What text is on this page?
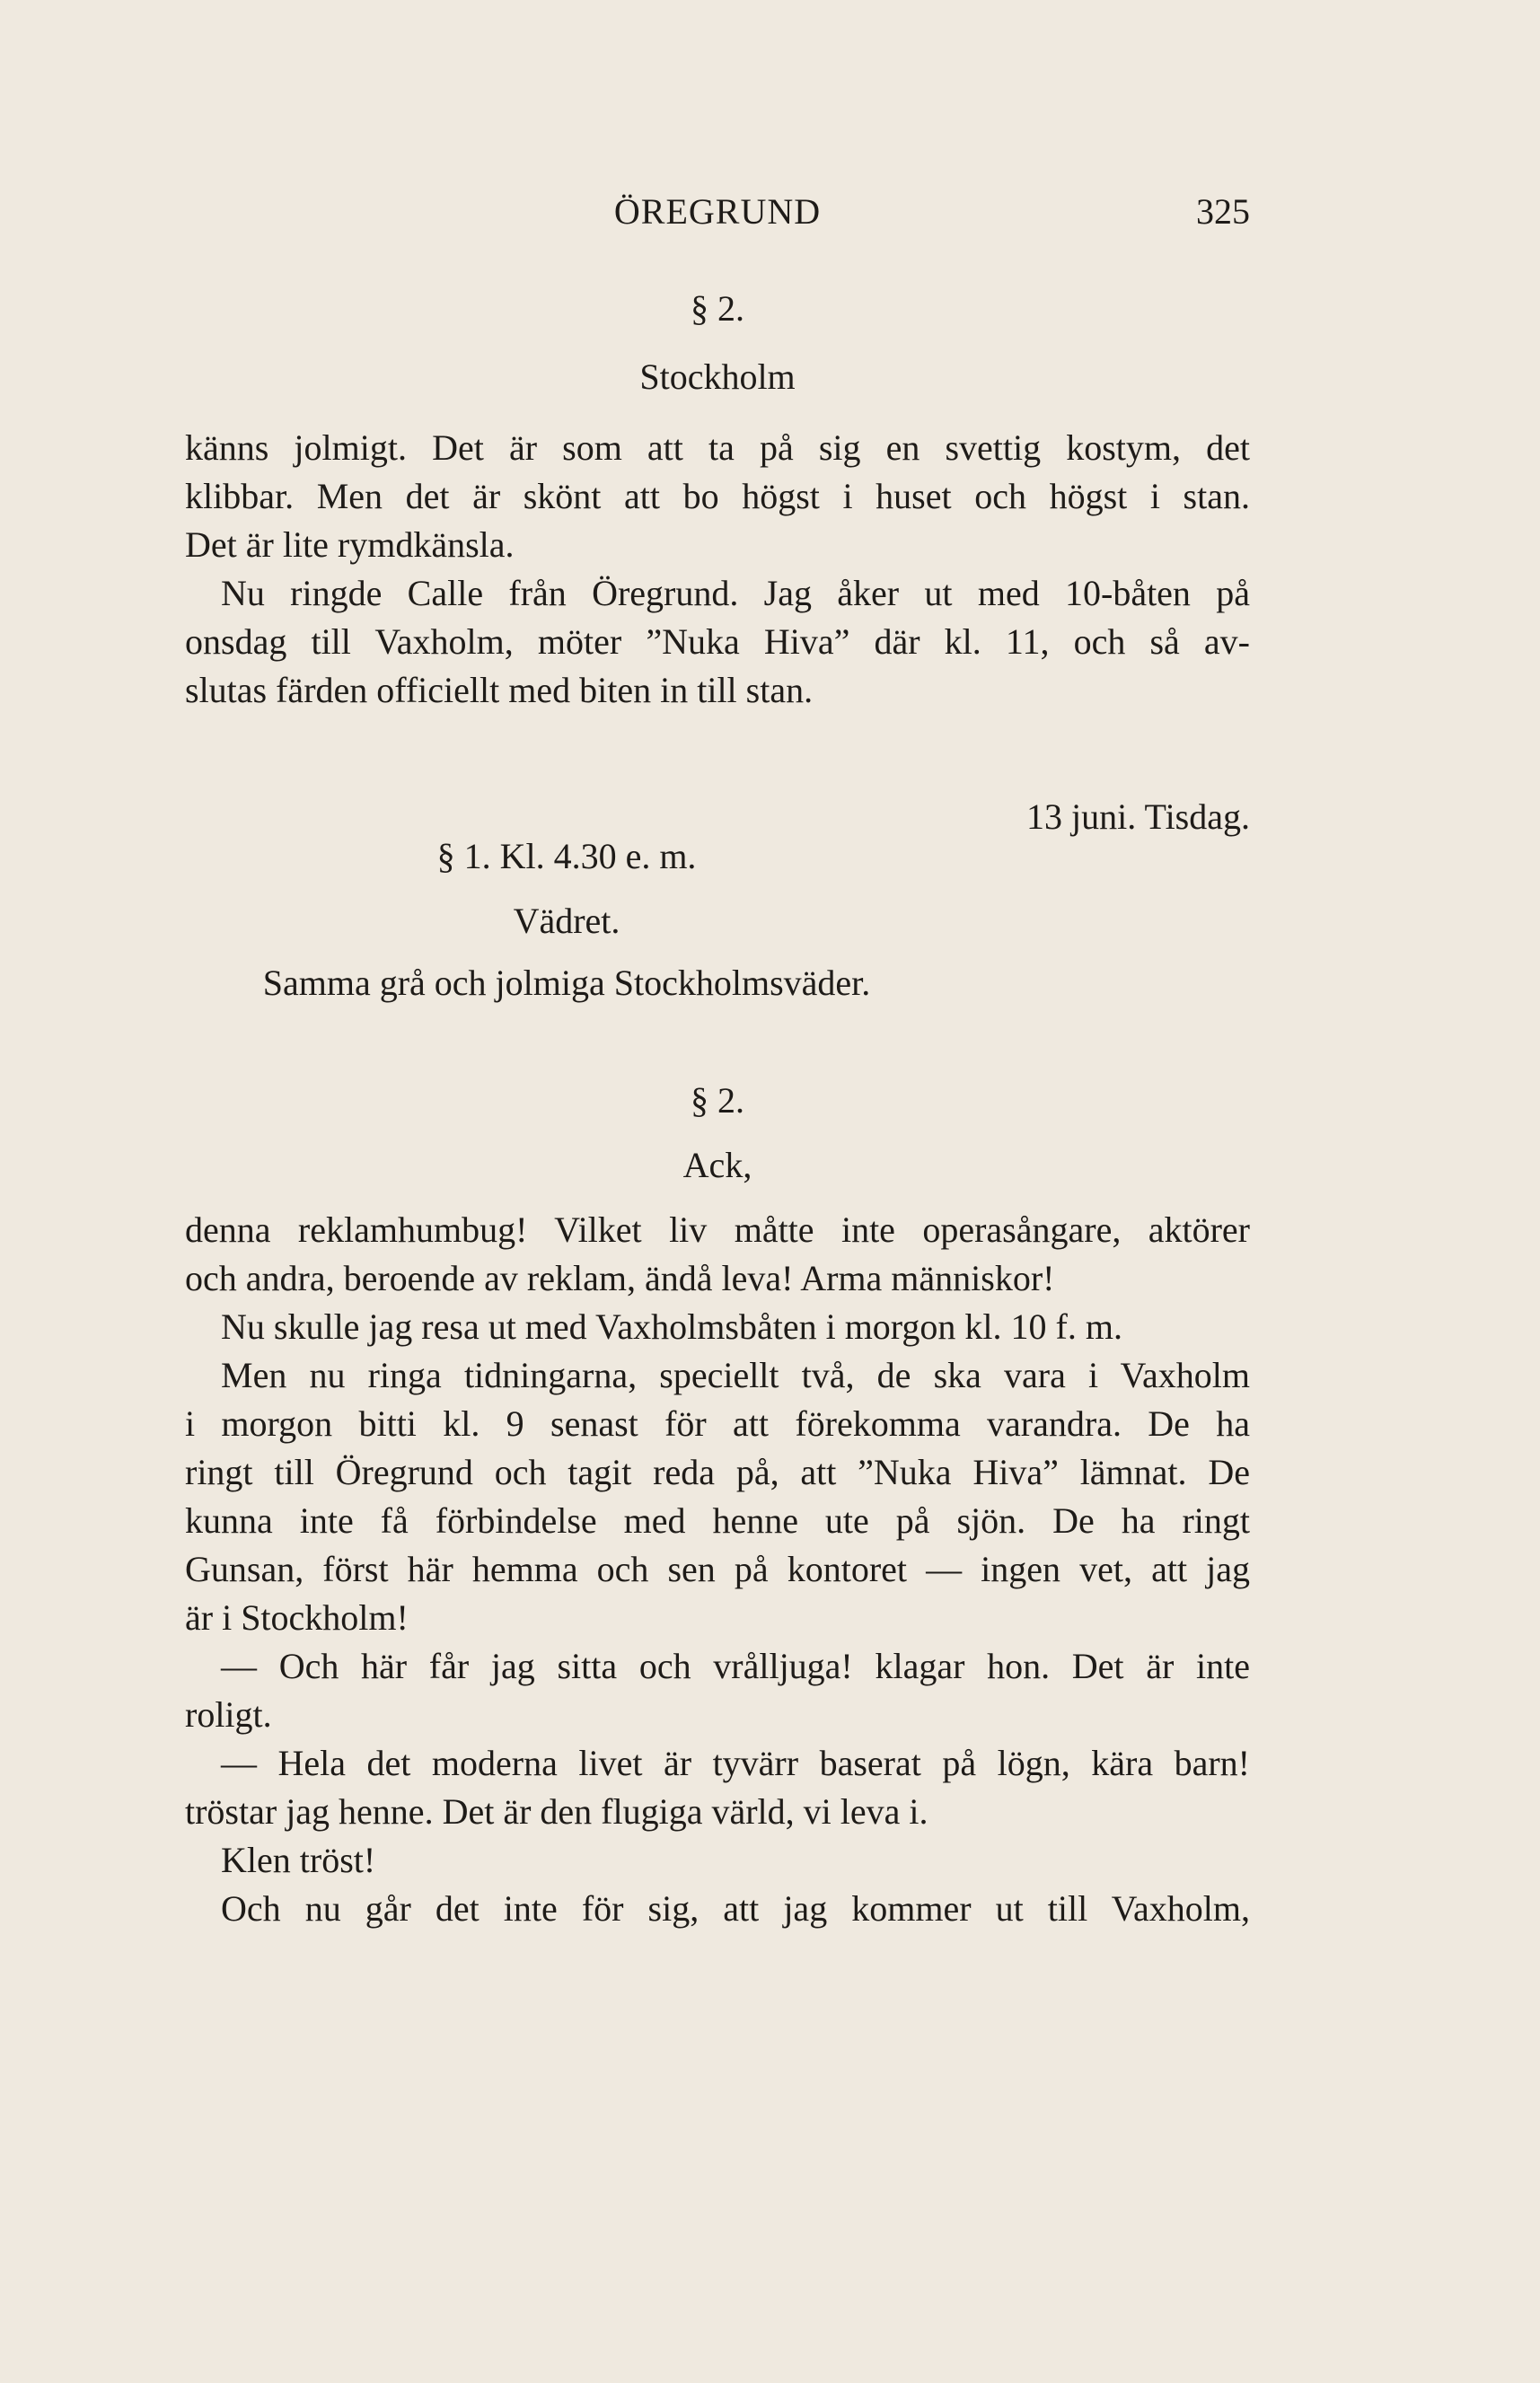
ÖREGRUND	325
§ 2.
Stockholm
känns jolmigt. Det är som att ta på sig en svettig kostym, det
klibbar. Men det är skönt att bo högst i huset och högst i stan.
Det är lite rymdkänsla.
Nu ringde Calle från Öregrund. Jag åker ut med 10-båten på
onsdag till Vaxholm, möter ”Nuka Hiva” där kl. 11, och så av-
slutas färden officiellt med biten in till stan.
13 juni. Tisdag.
§ 1. Kl. 4.30 e. m.
Vädret.
Samma grå och jolmiga Stockholmsväder.
§ 2.
Ack,
denna reklamhumbug! Vilket liv måtte inte operasångare, aktörer
och andra, beroende av reklam, ändå leva! Arma människor!
Nu skulle jag resa ut med Vaxholmsbåten i morgon kl. 10 f. m.
Men nu ringa tidningarna, speciellt två, de ska vara i Vaxholm
i morgon bitti kl. 9 senast för att förekomma varandra. De ha
ringt till Öregrund och tagit reda på, att ”Nuka Hiva” lämnat. De
kunna inte få förbindelse med henne ute på sjön. De ha ringt
Gunsan, först här hemma och sen på kontoret — ingen vet, att jag
är i Stockholm!
— Och här får jag sitta och vrålljuga! klagar hon. Det är inte
roligt.
— Hela det moderna livet är tyvärr baserat på lögn, kära barn!
tröstar jag henne. Det är den flugiga värld, vi leva i.
Klen tröst!
Och nu går det inte för sig, att jag kommer ut till Vaxholm,
